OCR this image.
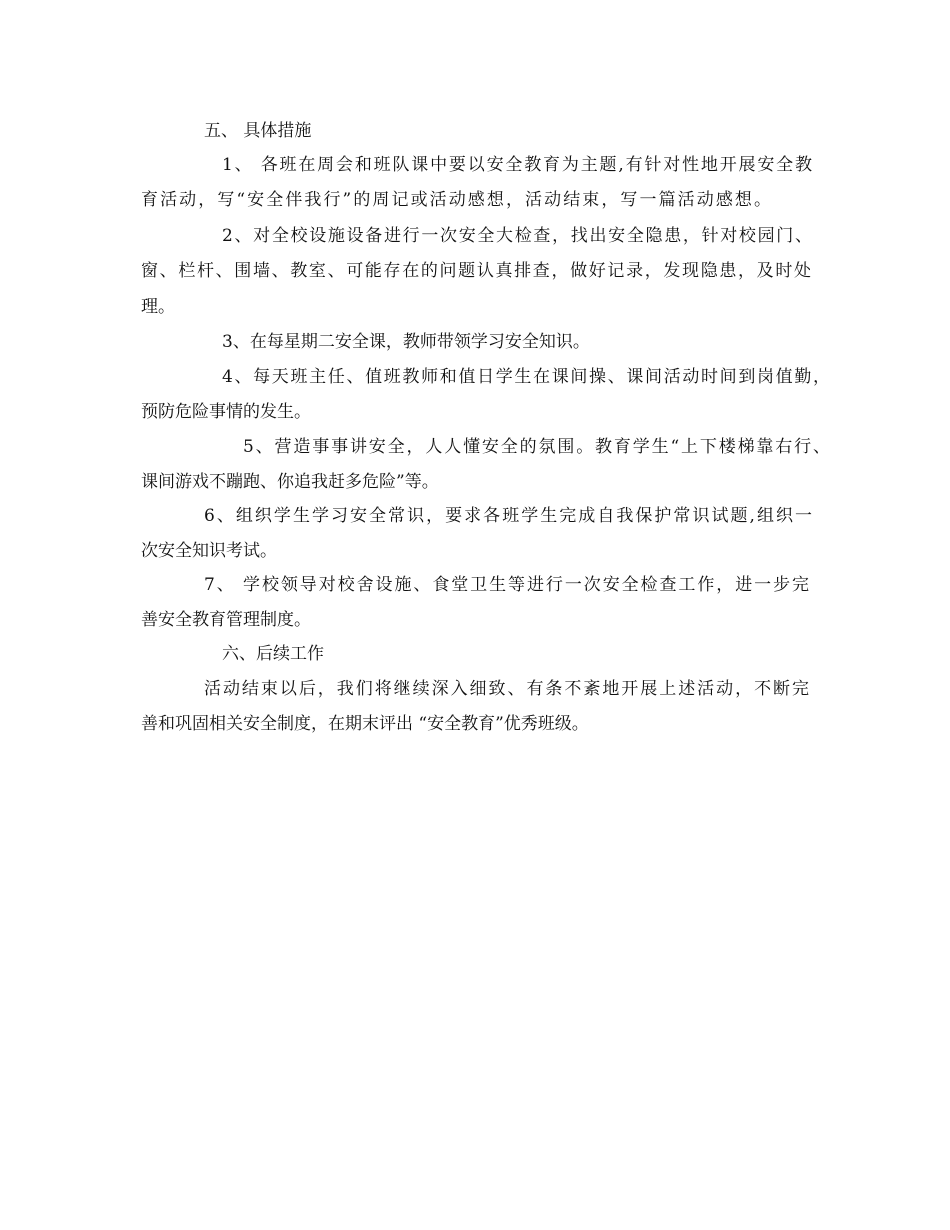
五、 具体措施
1、 各班在周会和班队课中要以安全教育为主题,有针对性地开展安全教
育活动，写“安全伴我行”的周记或活动感想，活动结束，写一篇活动感想。
2、对全校设施设备进行一次安全大检查，找出安全隐患，针对校园门、
窗、栏杆、围墙、教室、可能存在的问题认真排查，做好记录，发现隐患，及时处
理。
3、在每星期二安全课，教师带领学习安全知识。
4、每天班主任、值班教师和值日学生在课间操、课间活动时间到岗值勤，
预防危险事情的发生。
5、营造事事讲安全，人人懂安全的氛围。教育学生“上下楼梯靠右行、
课间游戏不蹦跑、你追我赶多危险”等。
6、组织学生学习安全常识，要求各班学生完成自我保护常识试题,组织一
次安全知识考试。
7、 学校领导对校舍设施、食堂卫生等进行一次安全检查工作，进一步完
善安全教育管理制度。
六、后续工作
活动结束以后，我们将继续深入细致、有条不紊地开展上述活动，不断完
善和巩固相关安全制度，在期末评出 “安全教育”优秀班级。
